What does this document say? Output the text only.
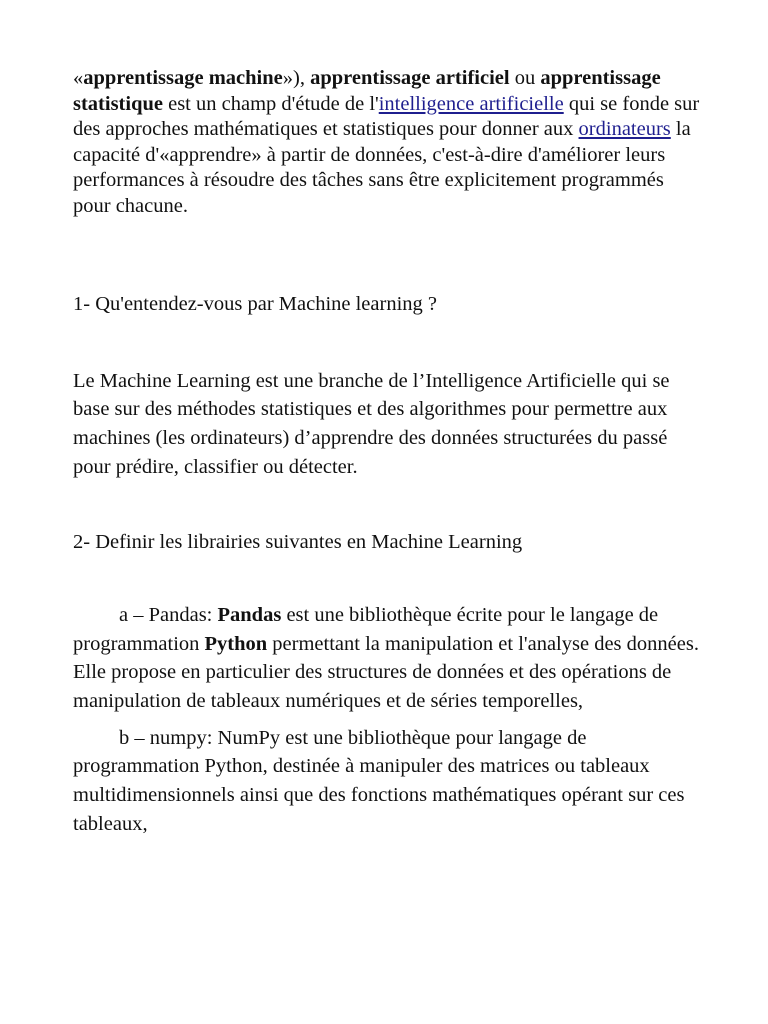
«apprentissage machine»), apprentissage artificiel ou apprentissage statistique est un champ d'étude de l'intelligence artificielle qui se fonde sur des approches mathématiques et statistiques pour donner aux ordinateurs la capacité d'«apprendre» à partir de données, c'est-à-dire d'améliorer leurs performances à résoudre des tâches sans être explicitement programmés pour chacune.

1- Qu'entendez-vous par Machine learning ?

Le Machine Learning est une branche de l’Intelligence Artificielle qui se base sur des méthodes statistiques et des algorithmes pour permettre aux machines (les ordinateurs) d’apprendre des données structurées du passé pour prédire, classifier ou détecter.

2- Definir les librairies suivantes en Machine Learning

a – Pandas: Pandas est une bibliothèque écrite pour le langage de programmation Python permettant la manipulation et l'analyse des données. Elle propose en particulier des structures de données et des opérations de manipulation de tableaux numériques et de séries temporelles,

b – numpy: NumPy est une bibliothèque pour langage de programmation Python, destinée à manipuler des matrices ou tableaux multidimensionnels ainsi que des fonctions mathématiques opérant sur ces tableaux,
